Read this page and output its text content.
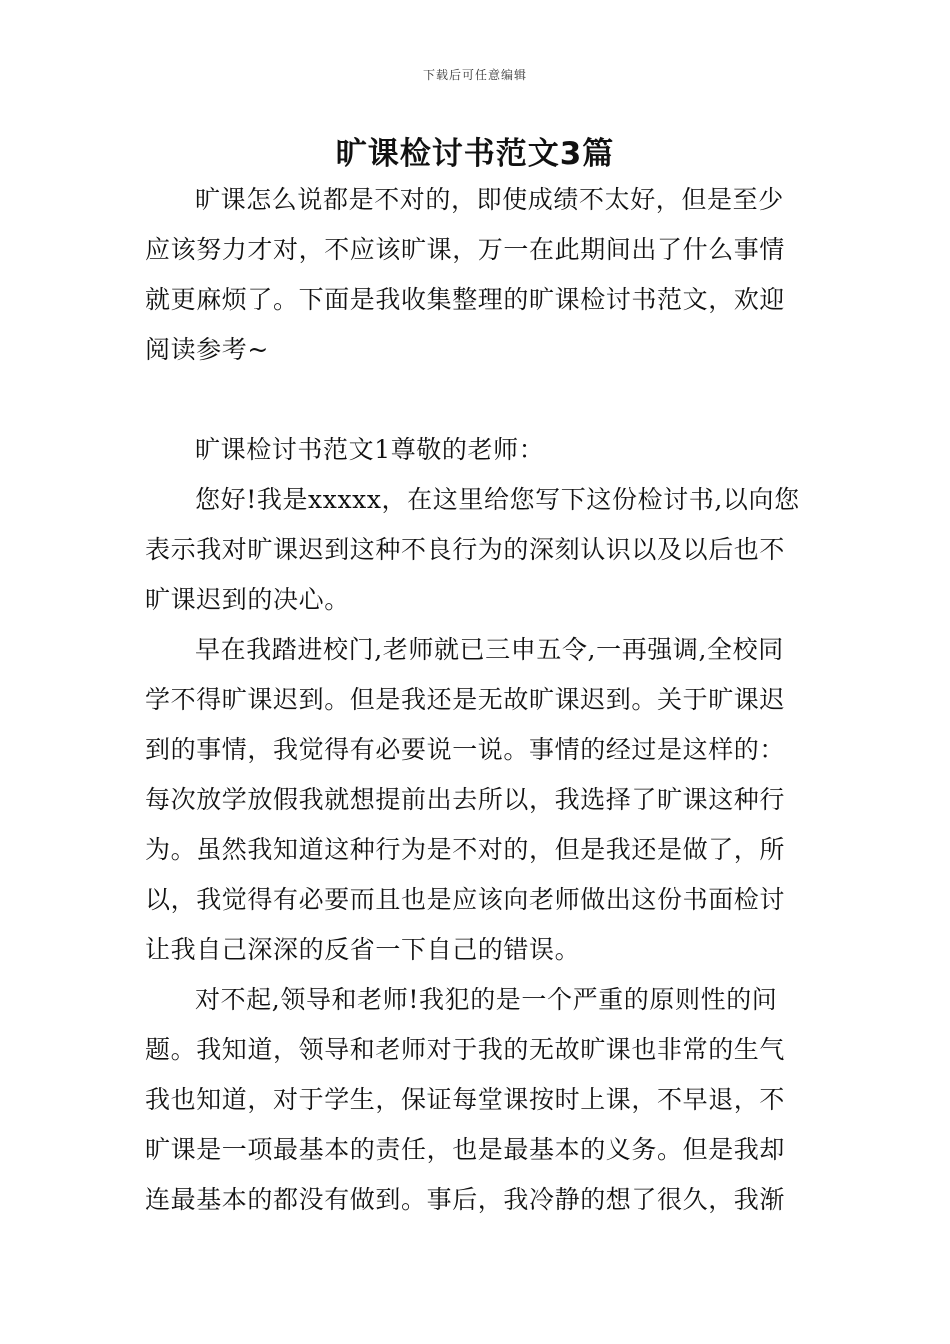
下载后可任意编辑
旷课检讨书范文3篇

旷课怎么说都是不对的，即使成绩不太好，但是至少应该努力才对，不应该旷课，万一在此期间出了什么事情就更麻烦了。下面是我收集整理的旷课检讨书范文，欢迎阅读参考~

旷课检讨书范文1尊敬的老师：

您好!我是xxxxx，在这里给您写下这份检讨书,以向您表示我对旷课迟到这种不良行为的深刻认识以及以后也不旷课迟到的决心。

早在我踏进校门,老师就已三申五令,一再强调,全校同学不得旷课迟到。但是我还是无故旷课迟到。关于旷课迟到的事情，我觉得有必要说一说。事情的经过是这样的：每次放学放假我就想提前出去所以，我选择了旷课这种行为。虽然我知道这种行为是不对的，但是我还是做了，所以，我觉得有必要而且也是应该向老师做出这份书面检讨让我自己深深的反省一下自己的错误。

对不起,领导和老师!我犯的是一个严重的原则性的问题。我知道，领导和老师对于我的无故旷课也非常的生气我也知道，对于学生，保证每堂课按时上课，不早退，不旷课是一项最基本的责任，也是最基本的义务。但是我却连最基本的都没有做到。事后，我冷静的想了很久，我渐
